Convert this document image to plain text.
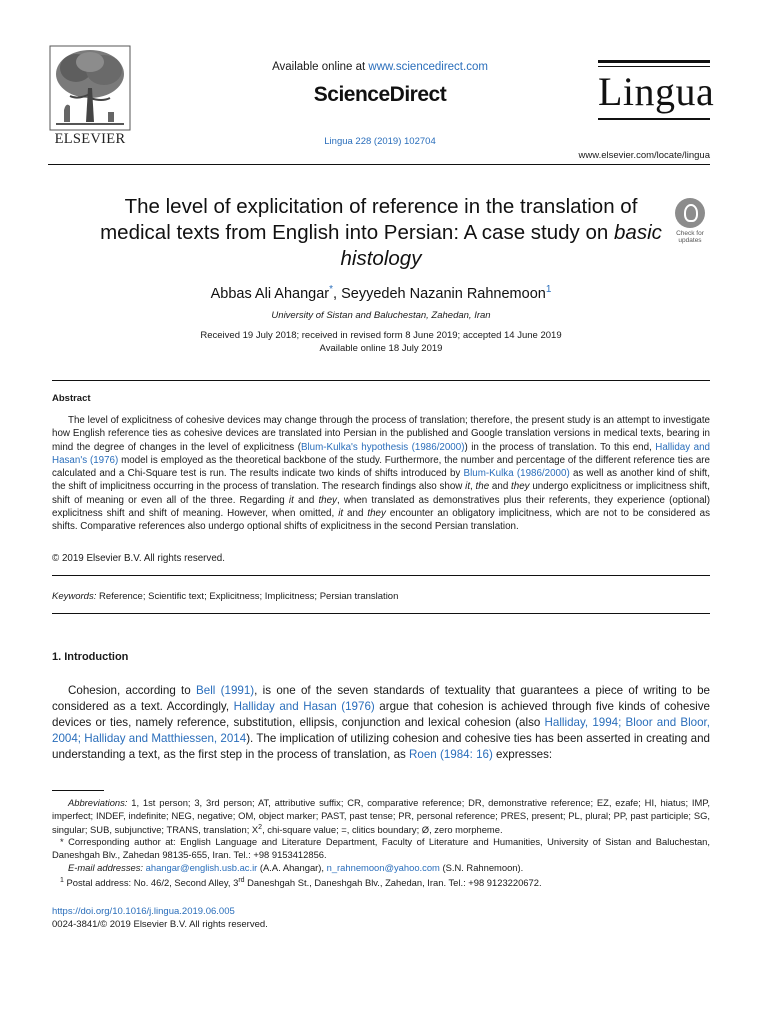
ELSEVIER
Available online at www.sciencedirect.com
ScienceDirect
Lingua 228 (2019) 102704
Lingua
www.elsevier.com/locate/lingua
The level of explicitation of reference in the translation of medical texts from English into Persian: A case study on basic histology
Check for updates
Abbas Ali Ahangar*, Seyyedeh Nazanin Rahnemoon$^1$
University of Sistan and Baluchestan, Zahedan, Iran
Received 19 July 2018; received in revised form 8 June 2019; accepted 14 June 2019
Available online 18 July 2019
Abstract
The level of explicitness of cohesive devices may change through the process of translation; therefore, the present study is an attempt to investigate how English reference ties as cohesive devices are translated into Persian in the published and Google translation versions in medical texts, bearing in mind the degree of changes in the level of explicitness (Blum-Kulka's hypothesis (1986/2000)) in the process of translation. To this end, Halliday and Hasan's (1976) model is employed as the theoretical backbone of the study. Furthermore, the number and percentage of the different reference ties are calculated and a Chi-Square test is run. The results indicate two kinds of shifts introduced by Blum-Kulka (1986/2000) as well as another kind of shift, the shift of implicitness occurring in the process of translation. The research findings also show it, the and they undergo explicitness or implicitness shift, shift of meaning or even all of the three. Regarding it and they, when translated as demonstratives plus their referents, they experience (optional) explicitness shift and shift of meaning. However, when omitted, it and they encounter an obligatory implicitness, which are not to be considered as shifts. Comparative references also undergo optional shifts of explicitness in the second Persian translation.
© 2019 Elsevier B.V. All rights reserved.
Keywords: Reference; Scientific text; Explicitness; Implicitness; Persian translation
1. Introduction
Cohesion, according to Bell (1991), is one of the seven standards of textuality that guarantees a piece of writing to be considered as a text. Accordingly, Halliday and Hasan (1976) argue that cohesion is achieved through five kinds of cohesive devices or ties, namely reference, substitution, ellipsis, conjunction and lexical cohesion (also Halliday, 1994; Bloor and Bloor, 2004; Halliday and Matthiessen, 2014). The implication of utilizing cohesion and cohesive ties has been asserted in creating and understanding a text, as the first step in the process of translation, as Roen (1984: 16) expresses:
Abbreviations: 1, 1st person; 3, 3rd person; AT, attributive suffix; CR, comparative reference; DR, demonstrative reference; EZ, ezafe; HI, hiatus; IMP, imperfect; INDEF, indefinite; NEG, negative; OM, object marker; PAST, past tense; PR, personal reference; PRES, present; PL, plural; PP, past participle; SG, singular; SUB, subjunctive; TRANS, translation; $X^2$, chi-square value; =, clitics boundary; Ø, zero morpheme.
* Corresponding author at: English Language and Literature Department, Faculty of Literature and Humanities, University of Sistan and Baluchestan, Daneshgah Blv., Zahedan 98135-655, Iran. Tel.: +98 9153412856.
E-mail addresses: ahangar@english.usb.ac.ir (A.A. Ahangar), n_rahnemoon@yahoo.com (S.N. Rahnemoon).
$^1$ Postal address: No. 46/2, Second Alley, 3rd Daneshgah St., Daneshgah Blv., Zahedan, Iran. Tel.: +98 9123220672.
https://doi.org/10.1016/j.lingua.2019.06.005
0024-3841/© 2019 Elsevier B.V. All rights reserved.
